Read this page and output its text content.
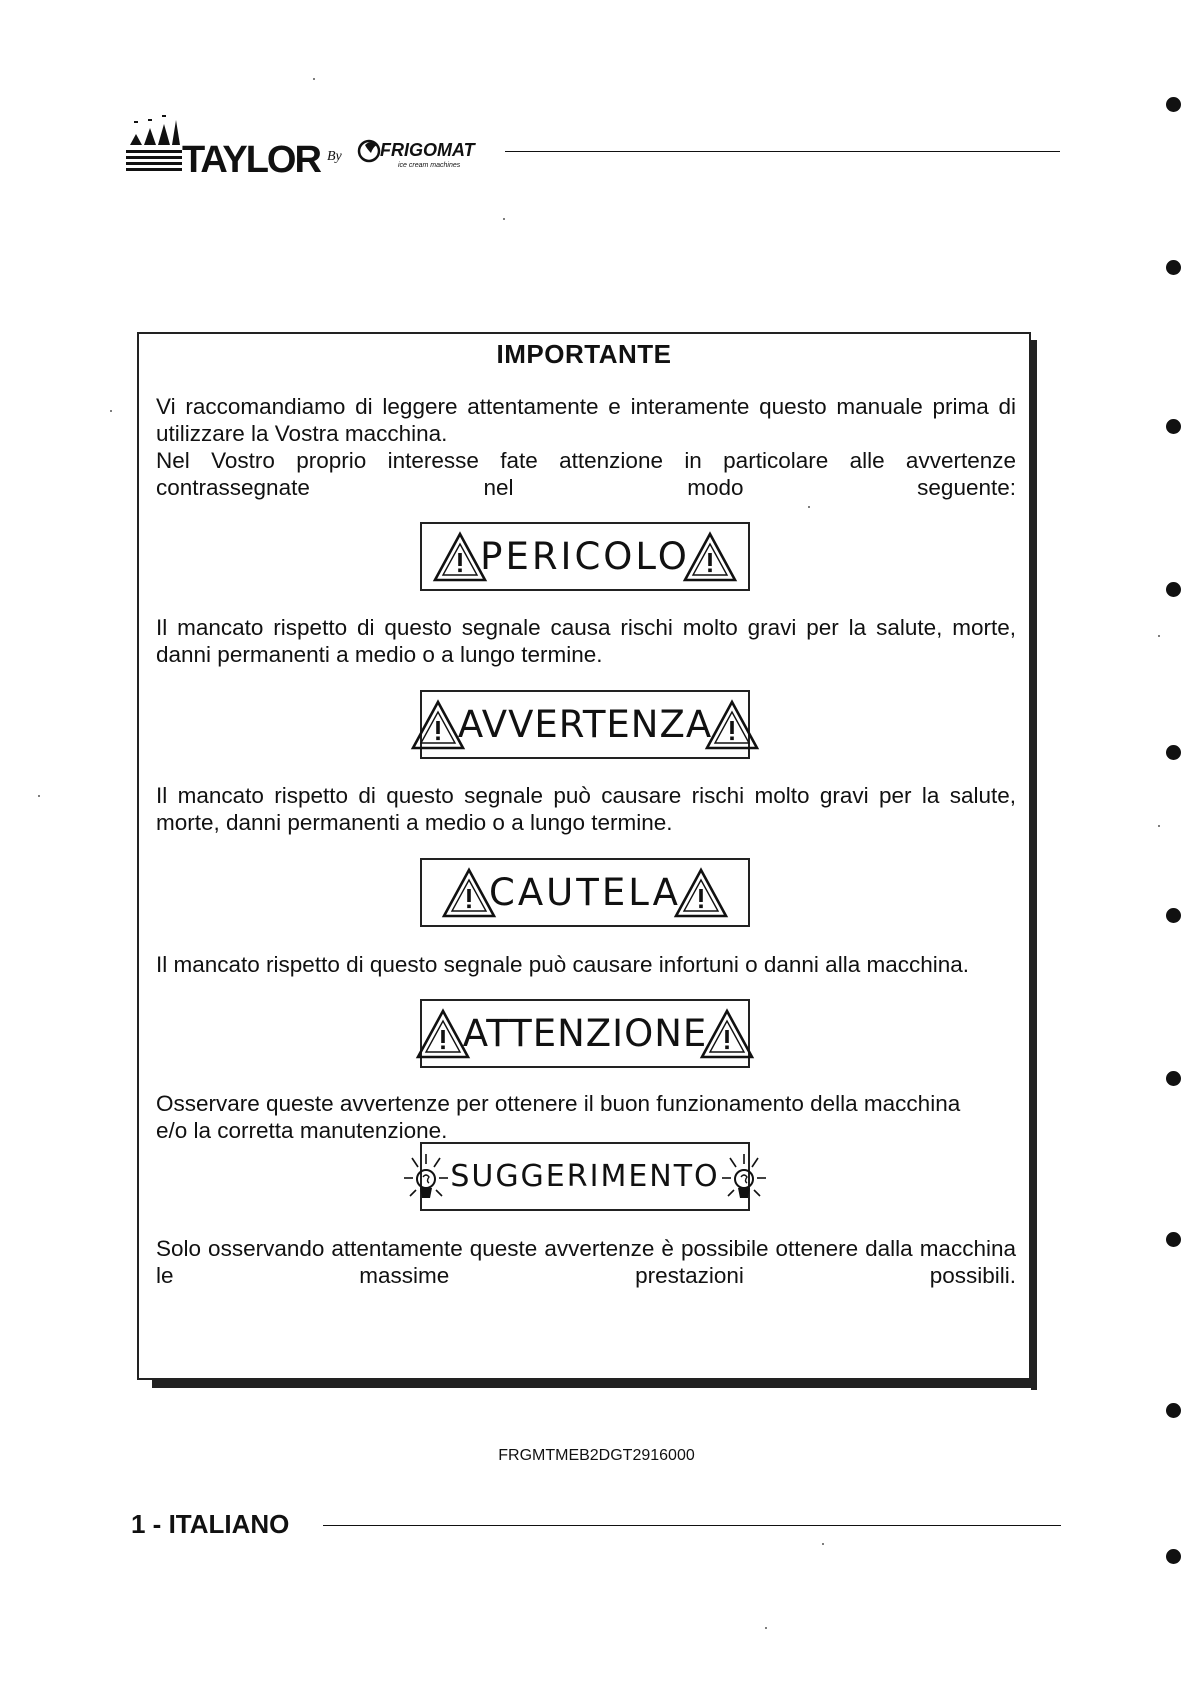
TAYLOR By FRIGOMAT
ice cream machines
IMPORTANTE

Vi raccomandiamo di leggere attentamente e interamente questo manuale prima di utilizzare la Vostra macchina.

Nel Vostro proprio interesse fate attenzione in particolare alle avvertenze contrassegnate nel modo seguente:

PERICOLO
Il mancato rispetto di questo segnale causa rischi molto gravi per la salute, morte, danni permanenti a medio o a lungo termine.
AVVERTENZA
Il mancato rispetto di questo segnale può causare rischi molto gravi per la salute, morte, danni permanenti a medio o a lungo termine.
CAUTELA
Il mancato rispetto di questo segnale può causare infortuni o danni alla macchina.
ATTENZIONE
Osservare queste avvertenze per ottenere il buon funzionamento della macchina e/o la corretta manutenzione.
SUGGERIMENTO

Solo osservando attentamente queste avvertenze è possibile ottenere dalla macchina le massime prestazioni possibili.

FRGMTMEB2DGT2916000
1 - ITALIANO
